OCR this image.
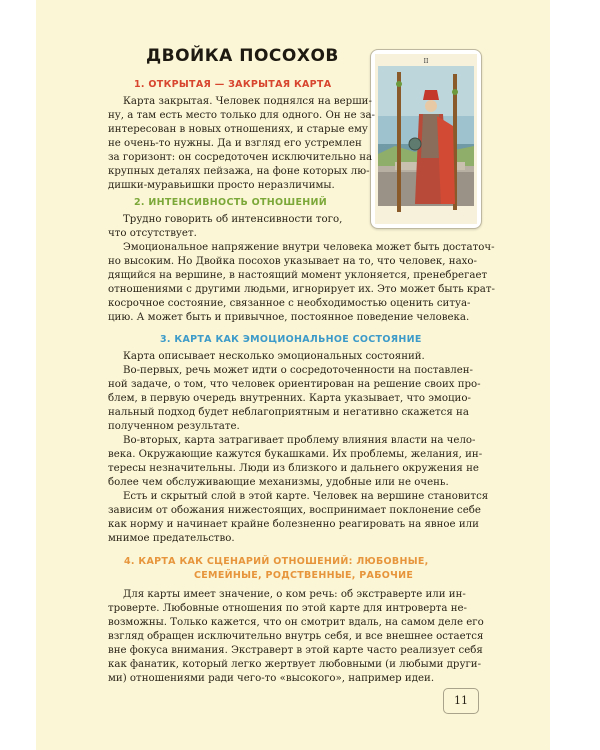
ДВОЙКА ПОСОХОВ	II
1. ОТКРЫТАЯ — ЗАКРЫТАЯ КАРТА
Карта закрытая. Человек поднялся на верши-
ну, а там есть место только для одного. Он не за-
интересован в новых отношениях, и старые ему
не очень-то нужны. Да и взгляд его устремлен
за горизонт: он сосредоточен исключительно на
крупных деталях пейзажа, на фоне которых лю-
дишки-муравьишки просто неразличимы.
2. ИНТЕНСИВНОСТЬ ОТНОШЕНИЙ
Трудно говорить об интенсивности того,
что отсутствует.
Эмоциональное напряжение внутри человека может быть достаточ-
но высоким. Но Двойка посохов указывает на то, что человек, нахо-
дящийся на вершине, в настоящий момент уклоняется, пренебрегает
отношениями с другими людьми, игнорирует их. Это может быть крат-
косрочное состояние, связанное с необходимостью оценить ситуа-
цию. А может быть и привычное, постоянное поведение человека.
3. КАРТА КАК ЭМОЦИОНАЛЬНОЕ СОСТОЯНИЕ
Карта описывает несколько эмоциональных состояний.
Во-первых, речь может идти о сосредоточенности на поставлен-
ной задаче, о том, что человек ориентирован на решение своих про-
блем, в первую очередь внутренних. Карта указывает, что эмоцио-
нальный подход будет неблагоприятным и негативно скажется на
полученном результате.
Во-вторых, карта затрагивает проблему влияния власти на чело-
века. Окружающие кажутся букашками. Их проблемы, желания, ин-
тересы незначительны. Люди из близкого и дальнего окружения не
более чем обслуживающие механизмы, удобные или не очень.
Есть и скрытый слой в этой карте. Человек на вершине становится
зависим от обожания нижестоящих, воспринимает поклонение себе
как норму и начинает крайне болезненно реагировать на явное или
мнимое предательство.
4. КАРТА КАК СЦЕНАРИЙ ОТНОШЕНИЙ: ЛЮБОВНЫЕ,
СЕМЕЙНЫЕ, РОДСТВЕННЫЕ, РАБОЧИЕ
Для карты имеет значение, о ком речь: об экстраверте или ин-
троверте. Любовные отношения по этой карте для интроверта не-
возможны. Только кажется, что он смотрит вдаль, на самом деле его
взгляд обращен исключительно внутрь себя, и все внешнее остается
вне фокуса внимания. Экстраверт в этой карте часто реализует себя
как фанатик, который легко жертвует любовными (и любыми други-
ми) отношениями ради чего-то «высокого», например идеи.
11
